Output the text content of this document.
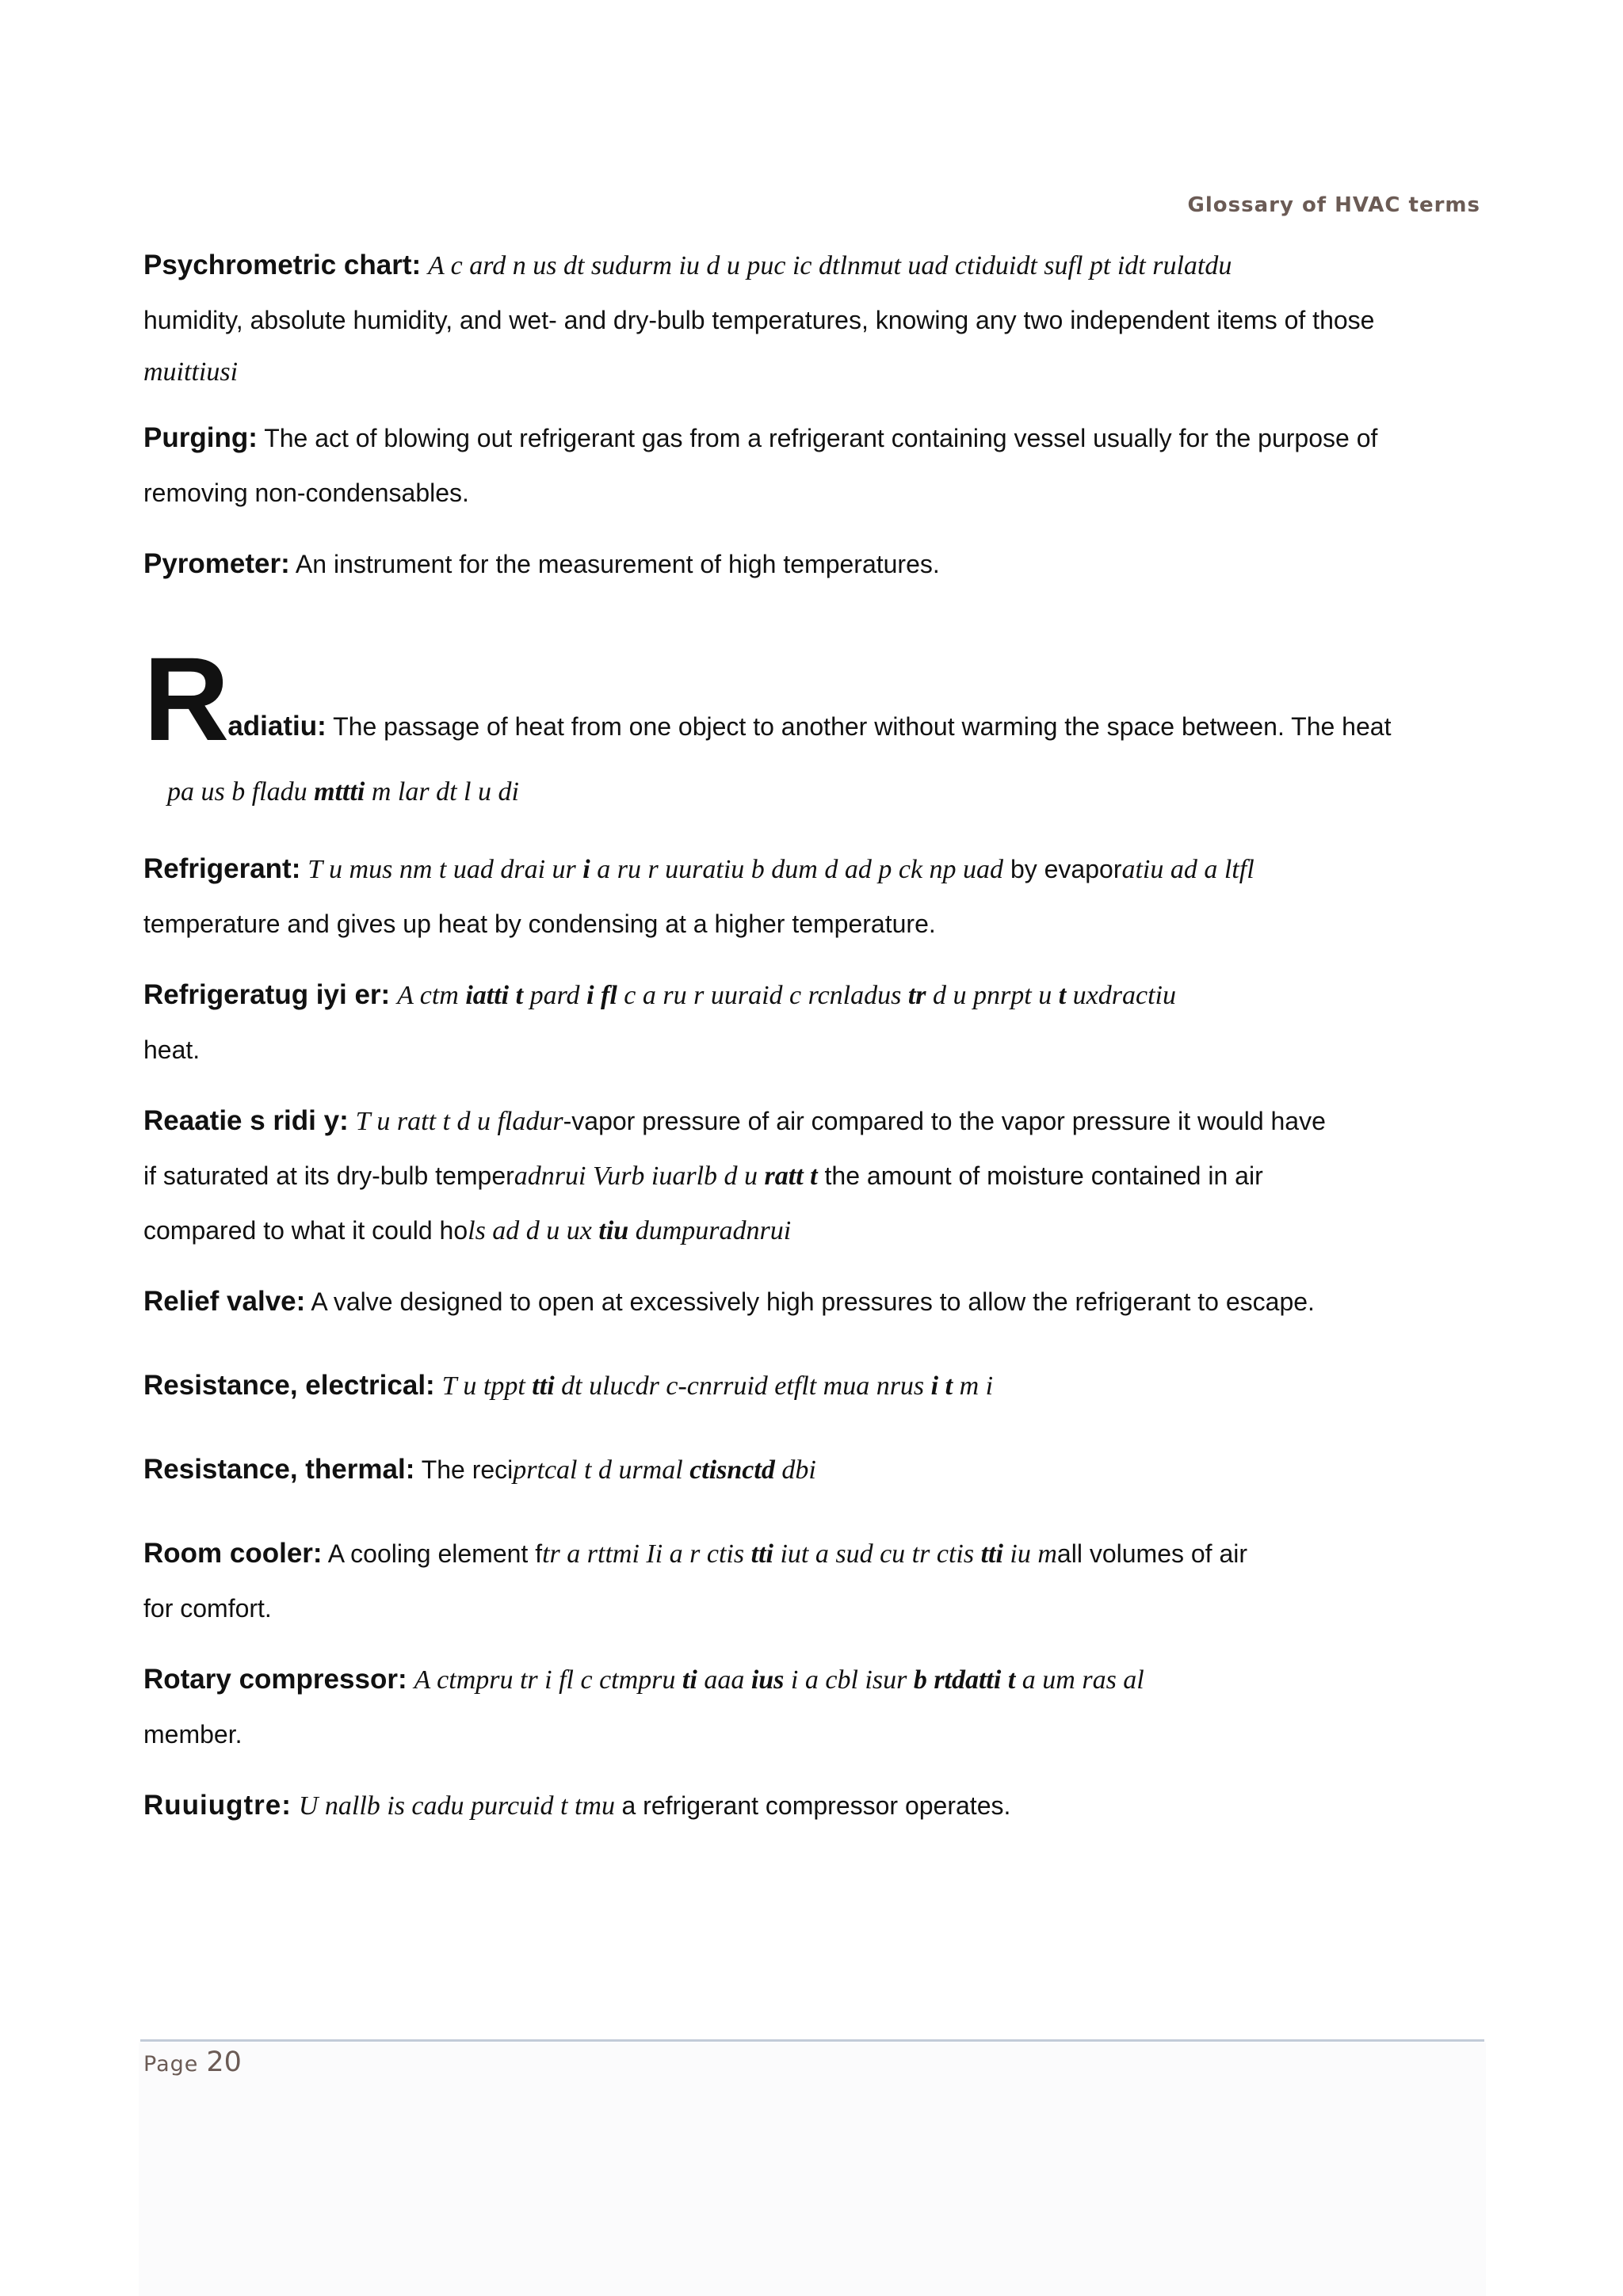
Glossary of HVAC terms

Psychrometric chart: A c ard n us dt sudurm iu d u puc ic dtlnmut uad ctiduidt sufl pt idt rulatdu

humidity, absolute humidity, and wet- and dry-bulb temperatures, knowing any two independent items of those

muittiusi

Purging: The act of blowing out refrigerant gas from a refrigerant containing vessel usually for the purpose of

removing non-condensables.

Pyrometer: An instrument for the measurement of high temperatures.

Radiatiu: The passage of heat from one object to another without warming the space between. The heat

pa us b fladu mttti m lar dt l u di

Refrigerant: T u mus nm t uad drai ur i a ru r uuratiu b dum d ad p ck np uad by evaporatiu ad a ltfl

temperature and gives up heat by condensing at a higher temperature.

Refrigeratug iyi er: A ctm iatti t pard i fl c a ru r uuraid c rcnladus tr d u pnrpt u t uxdractiu

heat.

Reaatie s ridi y: T u ratt t d u fladur-vapor pressure of air compared to the vapor pressure it would have

if saturated at its dry-bulb temperadnrui Vurb iuarlb d u ratt t the amount of moisture contained in air

compared to what it could hols ad d u ux tiu dumpuradnrui

Relief valve: A valve designed to open at excessively high pressures to allow the refrigerant to escape.

Resistance, electrical: T u tppt tti dt ulucdr c-cnrruid etflt mua nrus i t m i

Resistance, thermal: The reciprtcal t d urmal ctisnctd dbi

Room cooler: A cooling element ftr a rttmi Ii a r ctis tti iut a sud cu tr ctis tti iu mall volumes of air

for comfort.

Rotary compressor: A ctmpru tr i fl c ctmpru ti aaa ius i a cbl isur b rtdatti t a um ras al

member.

Ruuiugtre: U nallb is cadu purcuid t tmu a refrigerant compressor operates.

Page 20
